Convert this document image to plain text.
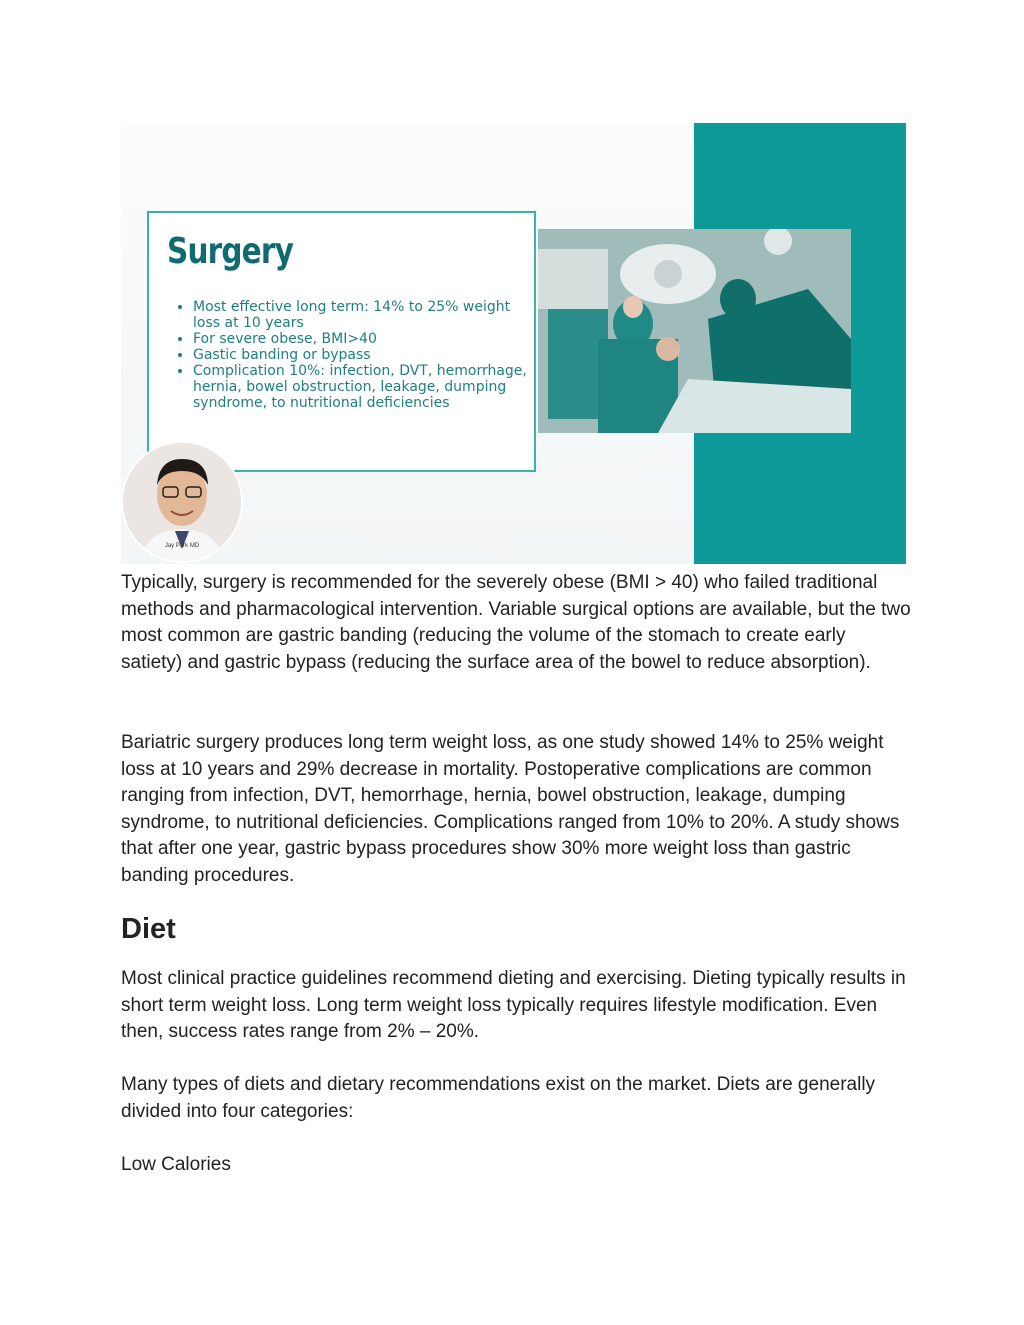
Surgery
• Most effective long term: 14% to 25% weight loss at 10 years
• For severe obese, BMI>40
• Gastic banding or bypass
• Complication 10%: infection, DVT, hemorrhage, hernia, bowel obstruction, leakage, dumping syndrome, to nutritional deficiencies
Jay Park MD

Typically, surgery is recommended for the severely obese (BMI > 40) who failed traditional methods and pharmacological intervention. Variable surgical options are available, but the two most common are gastric banding (reducing the volume of the stomach to create early satiety) and gastric bypass (reducing the surface area of the bowel to reduce absorption).

Bariatric surgery produces long term weight loss, as one study showed 14% to 25% weight loss at 10 years and 29% decrease in mortality. Postoperative complications are common ranging from infection, DVT, hemorrhage, hernia, bowel obstruction, leakage, dumping syndrome, to nutritional deficiencies. Complications ranged from 10% to 20%. A study shows that after one year, gastric bypass procedures show 30% more weight loss than gastric banding procedures.

Diet

Most clinical practice guidelines recommend dieting and exercising. Dieting typically results in short term weight loss. Long term weight loss typically requires lifestyle modification. Even then, success rates range from 2% – 20%.

Many types of diets and dietary recommendations exist on the market. Diets are generally divided into four categories:

Low Calories
